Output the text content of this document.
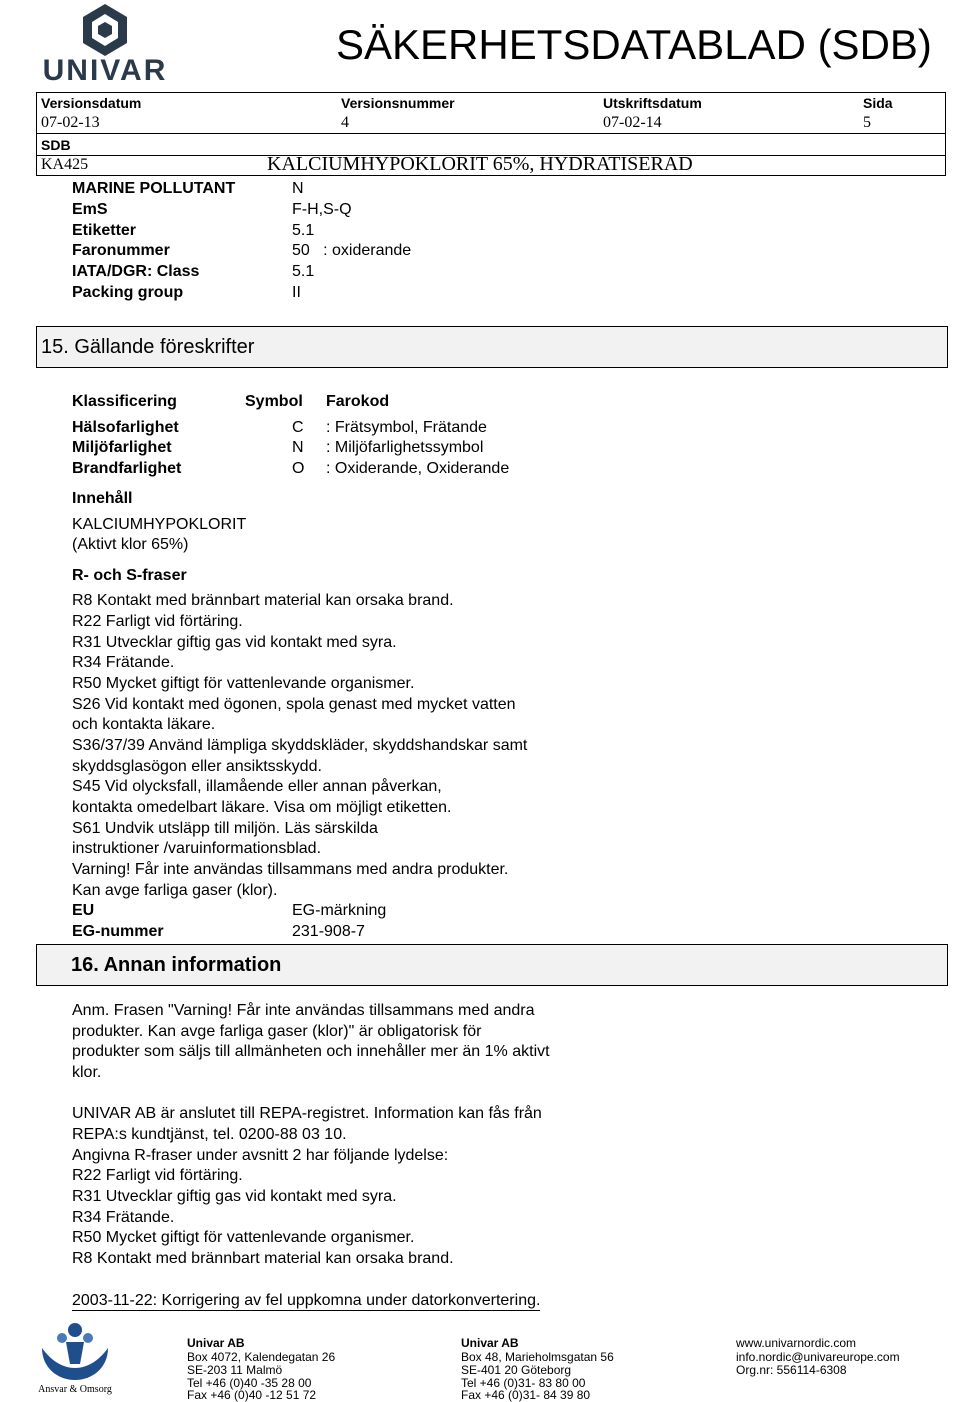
UNIVAR
SÄKERHETSDATABLAD (SDB)
Versionsdatum	Versionsnummer	Utskriftsdatum	Sida
07-02-13	4	07-02-14	5
SDB
KA425	KALCIUMHYPOKLORIT 65%, HYDRATISERAD
MARINE POLLUTANT	N
EmS	F-H,S-Q
Etiketter	5.1
Faronummer	50   : oxiderande
IATA/DGR: Class	5.1
Packing group	II
15. Gällande föreskrifter
Klassificering	Symbol Farokod
Hälsofarlighet	C : Frätsymbol, Frätande
Miljöfarlighet	N : Miljöfarlighetssymbol
Brandfarlighet	O : Oxiderande, Oxiderande
Innehåll
KALCIUMHYPOKLORIT
(Aktivt klor 65%)
R- och S-fraser
R8 Kontakt med brännbart material kan orsaka brand.
R22 Farligt vid förtäring.
R31 Utvecklar giftig gas vid kontakt med syra.
R34 Frätande.
R50 Mycket giftigt för vattenlevande organismer.
S26 Vid kontakt med ögonen, spola genast med mycket vatten
och kontakta läkare.
S36/37/39 Använd lämpliga skyddskläder, skyddshandskar samt
skyddsglasögon eller ansiktsskydd.
S45 Vid olycksfall, illamående eller annan påverkan,
kontakta omedelbart läkare. Visa om möjligt etiketten.
S61 Undvik utsläpp till miljön. Läs särskilda
instruktioner /varuinformationsblad.
Varning! Får inte användas tillsammans med andra produkter.
Kan avge farliga gaser (klor).
EU	EG-märkning
EG-nummer	231-908-7
16. Annan information
Anm. Frasen "Varning! Får inte användas tillsammans med andra
produkter. Kan avge farliga gaser (klor)" är obligatorisk för
produkter som säljs till allmänheten och innehåller mer än 1% aktivt
klor.
UNIVAR AB är anslutet till REPA-registret. Information kan fås från
REPA:s kundtjänst, tel. 0200-88 03 10.
Angivna R-fraser under avsnitt 2 har följande lydelse:
R22 Farligt vid förtäring.
R31 Utvecklar giftig gas vid kontakt med syra.
R34 Frätande.
R50 Mycket giftigt för vattenlevande organismer.
R8 Kontakt med brännbart material kan orsaka brand.
2003-11-22: Korrigering av fel uppkomna under datorkonvertering.
Ansvar & Omsorg
Univar AB
Box 4072, Kalendegatan 26
SE-203 11 Malmö
Tel +46 (0)40 -35 28 00
Fax +46 (0)40 -12 51 72
Univar AB
Box 48, Marieholmsgatan 56
SE-401 20 Göteborg
Tel +46 (0)31- 83 80 00
Fax +46 (0)31- 84 39 80
www.univarnordic.com
info.nordic@univareurope.com
Org.nr: 556114-6308
